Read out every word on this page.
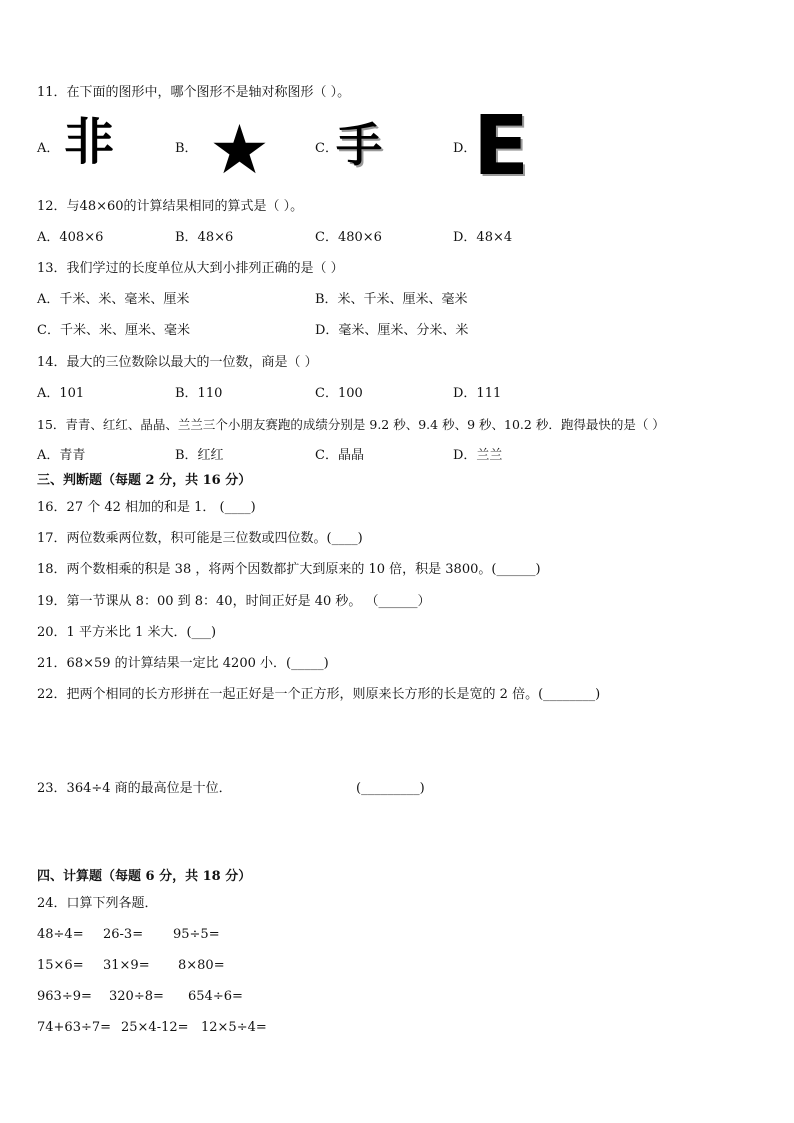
11．在下面的图形中，哪个图形不是轴对称图形（ ）。
A． 非	B． ★	C．
手	D．
E
12．与48×60的计算结果相同的算式是（ ）。
A．408×6	B．48×6	C．480×6	D．48×4
13．我们学过的长度单位从大到小排列正确的是（ ）
A．千米、米、毫米、厘米	B．米、千米、厘米、毫米
C．千米、米、厘米、毫米	D．毫米、厘米、分米、米
14．最大的三位数除以最大的一位数，商是（ ）
A．101	B．110	C．100	D．111
15．青青、红红、晶晶、兰兰三个小朋友赛跑的成绩分别是 9.2 秒、9.4 秒、9 秒、10.2 秒．跑得最快的是（ ）
A．青青	B．红红	C．晶晶	D．兰兰
三、判断题（每题 2 分，共 16 分）
16．27 个 42 相加的和是 1． (____)
17．两位数乘两位数，积可能是三位数或四位数。(____)
18．两个数相乘的积是 38 ，将两个因数都扩大到原来的 10 倍，积是 3800。(______)
19．第一节课从 8：00 到 8：40，时间正好是 40 秒。 （______）
20．1 平方米比 1 米大．(___)
21．68×59 的计算结果一定比 4200 小．(_____)
22．把两个相同的长方形拼在一起正好是一个正方形，则原来长方形的长是宽的 2 倍。(________)
23．364÷4 商的最高位是十位．	(_________)
四、计算题（每题 6 分，共 18 分）
24．口算下列各题．
48÷4= 26-3= 95÷5=
15×6= 31×9= 8×80=
963÷9= 320÷8= 654÷6=
74+63÷7= 25×4-12= 12×5÷4=
